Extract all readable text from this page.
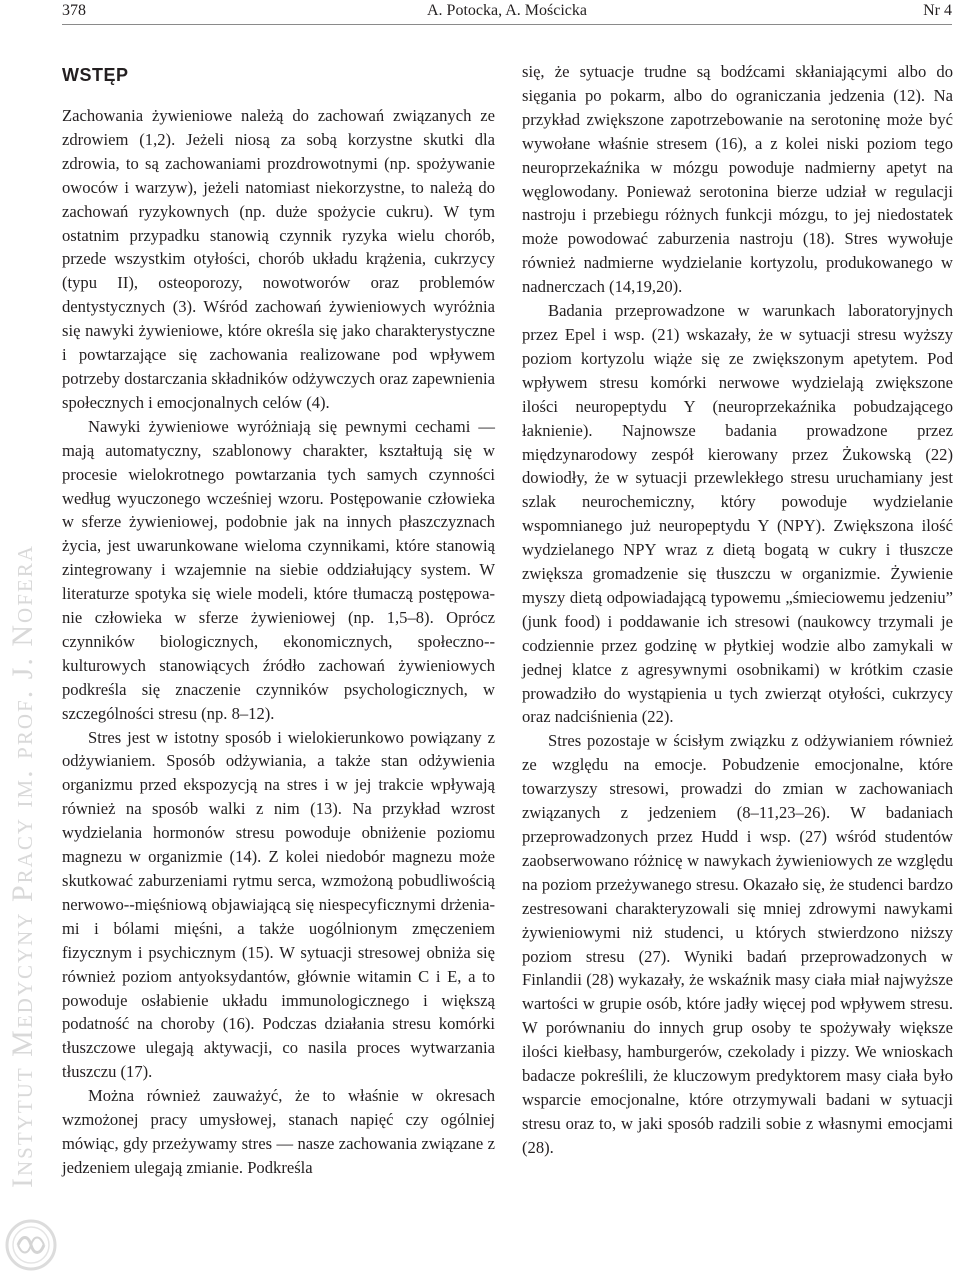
378	A. Potocka, A. Mościcka	Nr 4
Instytut Medycyny Pracy im. prof. J. Nofera
WSTĘP

Zachowania żywieniowe należą do zachowań związanych ze zdrowiem (1,2). Jeżeli niosą za sobą korzystne skutki dla zdrowia, to są zachowaniami prozdrowotnymi (np. spożywanie owoców i warzyw), jeżeli natomiast niekorzystne, to należą do zachowań ryzykownych (np. duże spożycie cukru). W tym ostatnim przypadku stanowią czynnik ryzyka wielu chorób, przede wszystkim otyłości, chorób układu krążenia, cukrzycy (typu II), osteoporozy, nowotworów oraz problemów dentystycznych (3). Wśród zachowań żywieniowych wyróżnia się nawyki żywieniowe, które określa się jako charakterystyczne i powtarzające się zachowania realizowane pod wpływem potrzeby dostarczania składników odżywczych oraz zapewnienia społecznych i emocjonalnych celów (4).

Nawyki żywieniowe wyróżniają się pewnymi cechami — mają automatyczny, szablonowy charakter, kształtują się w procesie wielokrotnego powtarzania tych samych czynności według wyuczonego wcześniej wzoru. Postępowanie człowieka w sferze żywieniowej, podobnie jak na innych płaszczyznach życia, jest uwarunkowane wieloma czynnikami, które stanowią zintegrowany i wzajemnie na siebie oddziałujący system. W literaturze spotyka się wiele modeli, które tłumaczą postępowanie człowieka w sferze żywieniowej (np. 1,5–8). Oprócz czynników biologicznych, ekonomicznych, społeczno--kulturowych stanowiących źródło zachowań żywieniowych podkreśla się znaczenie czynników psychologicznych, w szczególności stresu (np. 8–12).

Stres jest w istotny sposób i wielokierunkowo powiązany z odżywianiem. Sposób odżywiania, a także stan odżywienia organizmu przed ekspozycją na stres i w jej trakcie wpływają również na sposób walki z nim (13). Na przykład wzrost wydzielania hormonów stresu powoduje obniżenie poziomu magnezu w organizmie (14). Z kolei niedobór magnezu może skutkować zaburzeniami rytmu serca, wzmożoną pobudliwością nerwowo--mięśniową objawiającą się niespecyficznymi drżeniami i bólami mięśni, a także uogólnionym zmęczeniem fizycznym i psychicznym (15). W sytuacji stresowej obniża się również poziom antyoksydantów, głównie witamin C i E, a to powoduje osłabienie układu immunologicznego i większą podatność na choroby (16). Podczas działania stresu komórki tłuszczowe ulegają aktywacji, co nasila proces wytwarzania tłuszczu (17).

Można również zauważyć, że to właśnie w okresach wzmożonej pracy umysłowej, stanach napięć czy ogólniej mówiąc, gdy przeżywamy stres — nasze zachowania związane z jedzeniem ulegają zmianie. Podkreśla

się, że sytuacje trudne są bodźcami skłaniającymi albo do sięgania po pokarm, albo do ograniczania jedzenia (12). Na przykład zwiększone zapotrzebowanie na serotoninę może być wywołane właśnie stresem (16), a z kolei niski poziom tego neuroprzekaźnika w mózgu powoduje nadmierny apetyt na węglowodany. Ponieważ serotonina bierze udział w regulacji nastroju i przebiegu różnych funkcji mózgu, to jej niedostatek może powodować zaburzenia nastroju (18). Stres wywołuje również nadmierne wydzielanie kortyzolu, produkowanego w nadnerczach (14,19,20).

Badania przeprowadzone w warunkach laboratoryjnych przez Epel i wsp. (21) wskazały, że w sytuacji stresu wyższy poziom kortyzolu wiąże się ze zwiększonym apetytem. Pod wpływem stresu komórki nerwowe wydzielają zwiększone ilości neuropeptydu Y (neuroprzekaźnika pobudzającego łaknienie). Najnowsze badania prowadzone przez międzynarodowy zespół kierowany przez Żukowską (22) dowiodły, że w sytuacji przewlekłego stresu uruchamiany jest szlak neurochemiczny, który powoduje wydzielanie wspomnianego już neuropeptydu Y (NPY). Zwiększona ilość wydzielanego NPY wraz z dietą bogatą w cukry i tłuszcze zwiększa gromadzenie się tłuszczu w organizmie. Żywienie myszy dietą odpowiadającą typowemu „śmieciowemu jedzeniu” (junk food) i poddawanie ich stresowi (naukowcy trzymali je codziennie przez godzinę w płytkiej wodzie albo zamykali w jednej klatce z agresywnymi osobnikami) w krótkim czasie prowadziło do wystąpienia u tych zwierząt otyłości, cukrzycy oraz nadciśnienia (22).

Stres pozostaje w ścisłym związku z odżywianiem również ze względu na emocje. Pobudzenie emocjonalne, które towarzyszy stresowi, prowadzi do zmian w zachowaniach związanych z jedzeniem (8–11,23–26). W badaniach przeprowadzonych przez Hudd i wsp. (27) wśród studentów zaobserwowano różnicę w nawykach żywieniowych ze względu na poziom przeżywanego stresu. Okazało się, że studenci bardzo zestresowani charakteryzowali się mniej zdrowymi nawykami żywieniowymi niż studenci, u których stwierdzono niższy poziom stresu (27). Wyniki badań przeprowadzonych w Finlandii (28) wykazały, że wskaźnik masy ciała miał najwyższe wartości w grupie osób, które jadły więcej pod wpływem stresu. W porównaniu do innych grup osoby te spożywały większe ilości kiełbasy, hamburgerów, czekolady i pizzy. We wnioskach badacze pokreślili, że kluczowym predyktorem masy ciała było wsparcie emocjonalne, które otrzymywali badani w sytuacji stresu oraz to, w jaki sposób radzili sobie z własnymi emocjami (28).
